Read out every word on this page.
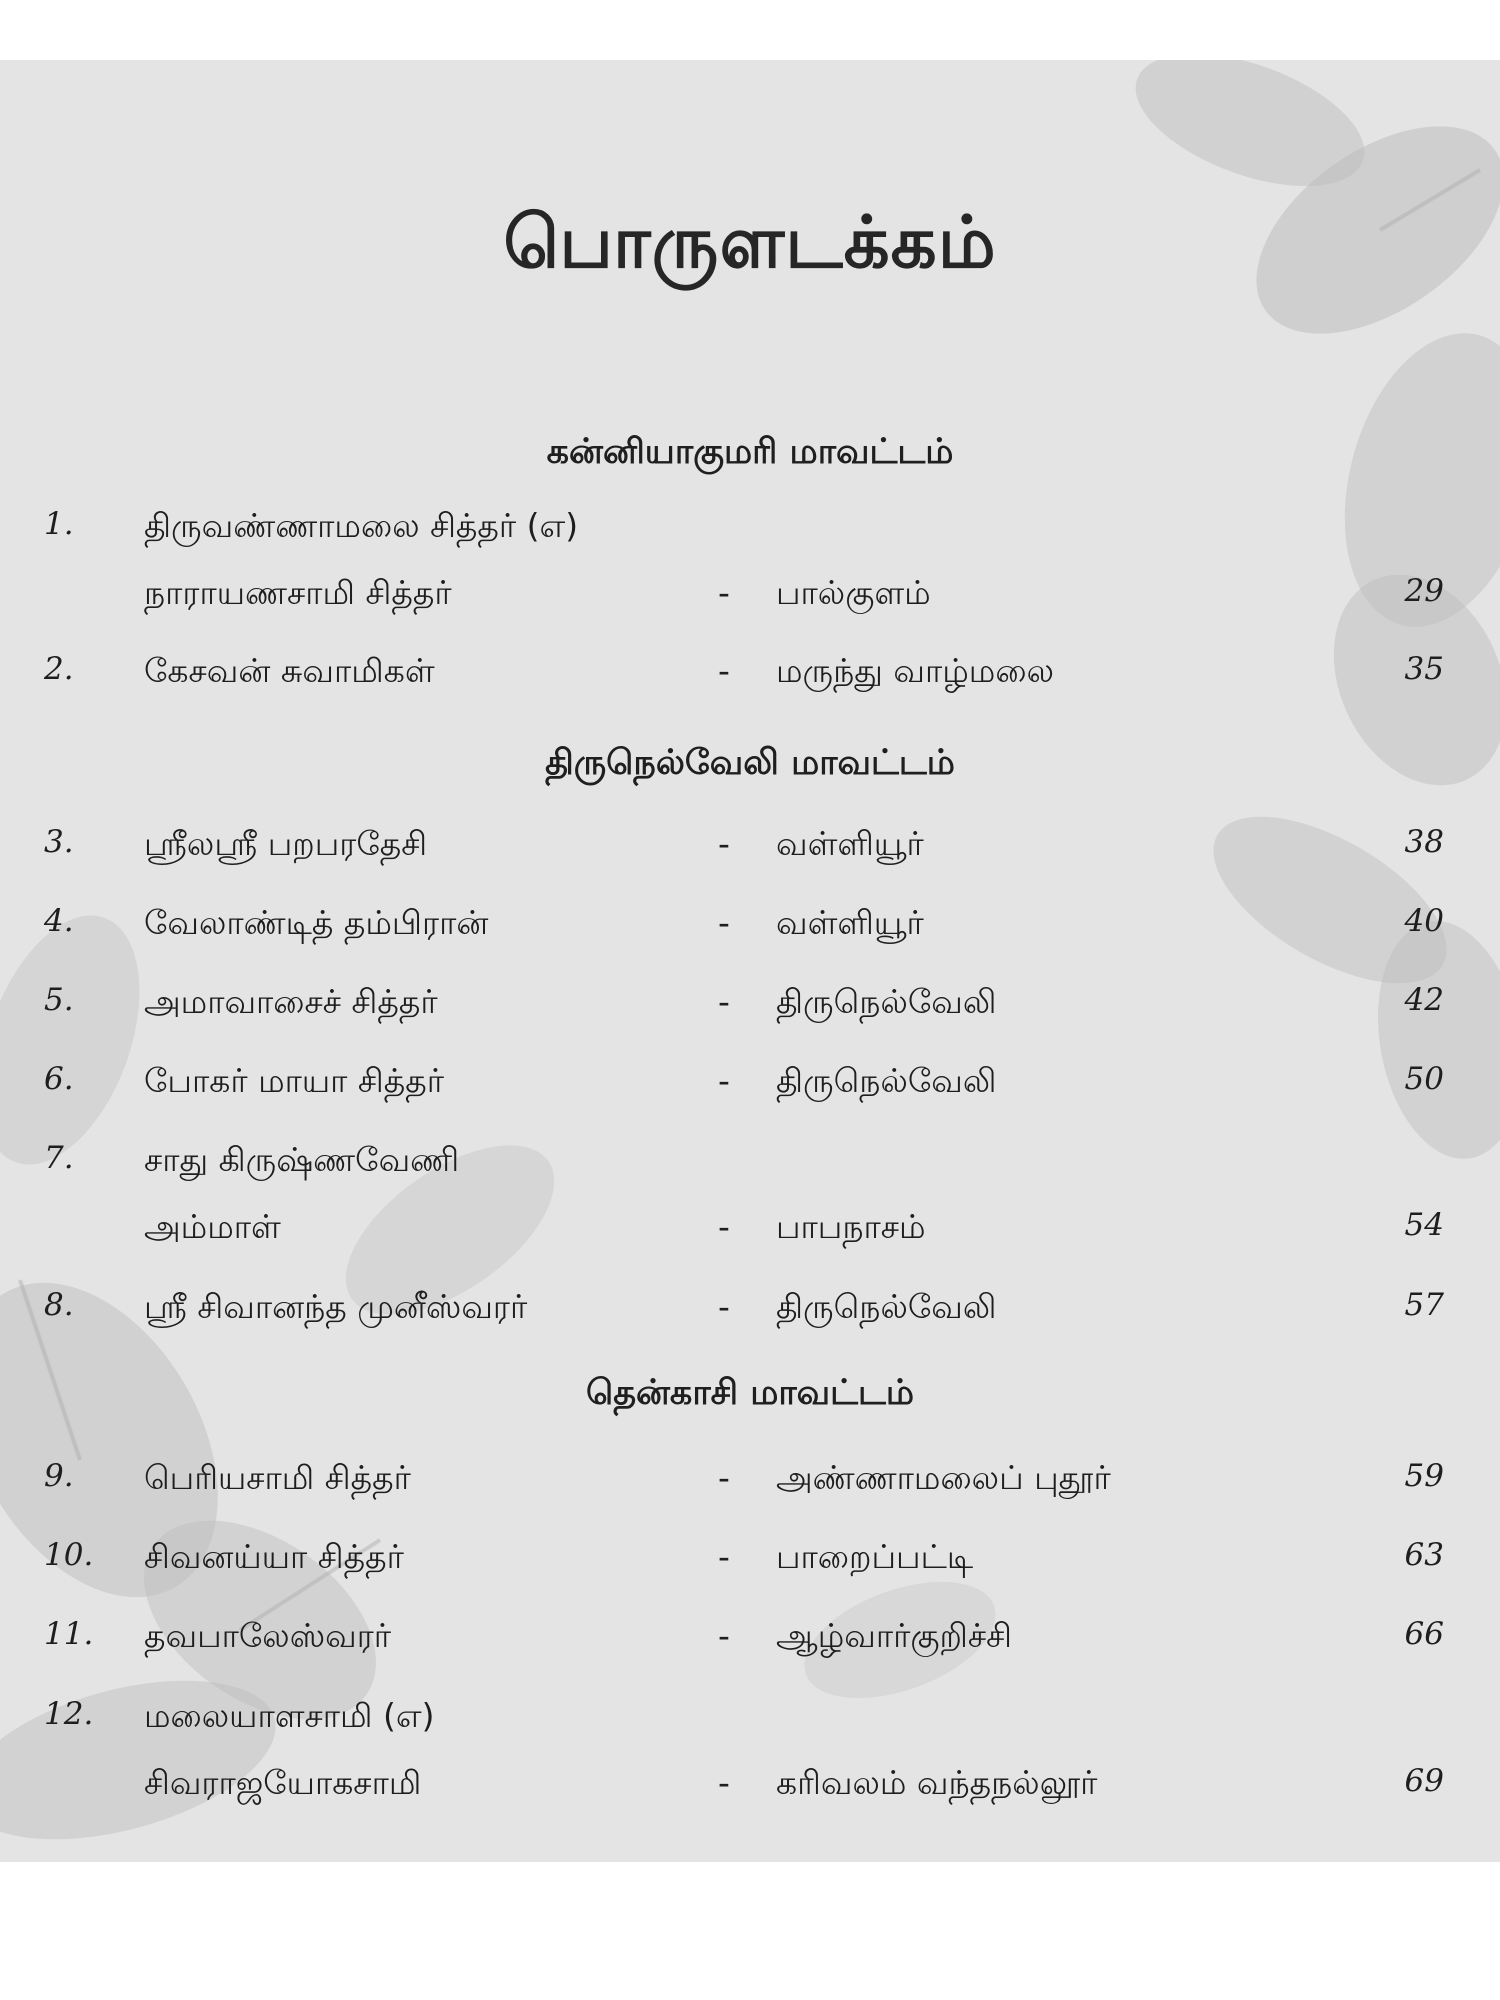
பொருளடக்கம்
கன்னியாகுமரி மாவட்டம்
1. திருவண்ணாமலை சித்தர் (எ)
நாராயணசாமி சித்தர்	- பால்குளம்	29
2. கேசவன் சுவாமிகள்	- மருந்து வாழ்மலை	35
திருநெல்வேலி மாவட்டம்
3. ஸ்ரீலஸ்ரீ பறபரதேசி	- வள்ளியூர்	38
4. வேலாண்டித் தம்பிரான்	- வள்ளியூர்	40
5. அமாவாசைச் சித்தர்	- திருநெல்வேலி	42
6. போகர் மாயா சித்தர்	- திருநெல்வேலி	50
7. சாது கிருஷ்ணவேணி
அம்மாள்	- பாபநாசம்	54
8. ஸ்ரீ சிவானந்த முனீஸ்வரர்	- திருநெல்வேலி	57
தென்காசி மாவட்டம்
9. பெரியசாமி சித்தர்	- அண்ணாமலைப் புதூர்	59
10. சிவனய்யா சித்தர்	- பாறைப்பட்டி	63
11. தவபாலேஸ்வரர்	- ஆழ்வார்குறிச்சி	66
12. மலையாளசாமி (எ)
சிவராஜயோகசாமி	- கரிவலம் வந்தநல்லூர்	69
